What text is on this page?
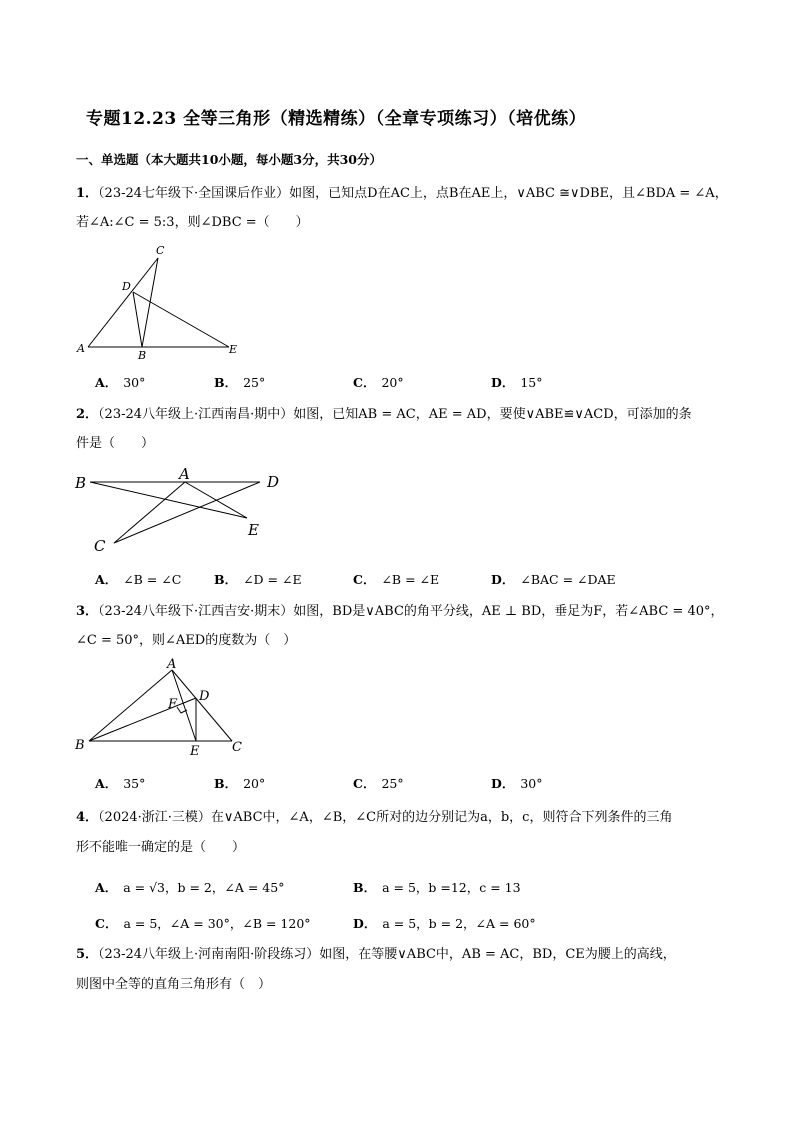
专题12.23 全等三角形（精选精练）（全章专项练习）（培优练）
一、单选题（本大题共10小题，每小题3分，共30分）
1．（23-24七年级下·全国课后作业）如图，已知点D在AC上，点B在AE上，∨ABC ≅∨DBE，且∠BDA = ∠A，
若∠A:∠C = 5:3，则∠DBC =（　　）
C
D
A
B	E
A． 30°	B． 25°	C． 20°	D． 15°
2．（23-24八年级上·江西南昌·期中）如图，已知AB = AC，AE = AD，要使∨ABE≌∨ACD，可添加的条
件是（　　）
B	A	D
C
E
A． ∠B = ∠C	B． ∠D = ∠E	C． ∠B = ∠E	D． ∠BAC = ∠DAE
3．（23-24八年级下·江西吉安·期末）如图，BD是∨ABC的角平分线，AE ⊥ BD，垂足为F，若∠ABC = 40°，
∠C = 50°，则∠AED的度数为（　）
A
F
D
B	E	C
A． 35°	B． 20°	C． 25°	D． 30°
4．（2024·浙江·三模）在∨ABC中，∠A，∠B，∠C所对的边分别记为a，b，c，则符合下列条件的三角
形不能唯一确定的是（　　）
A． a = √3，b = 2，∠A = 45°	B． a = 5，b =12，c = 13
C． a = 5，∠A = 30°，∠B = 120°	D． a = 5，b = 2，∠A = 60°
5．（23-24八年级上·河南南阳·阶段练习）如图，在等腰∨ABC中，AB = AC，BD，CE为腰上的高线，
则图中全等的直角三角形有（　）
